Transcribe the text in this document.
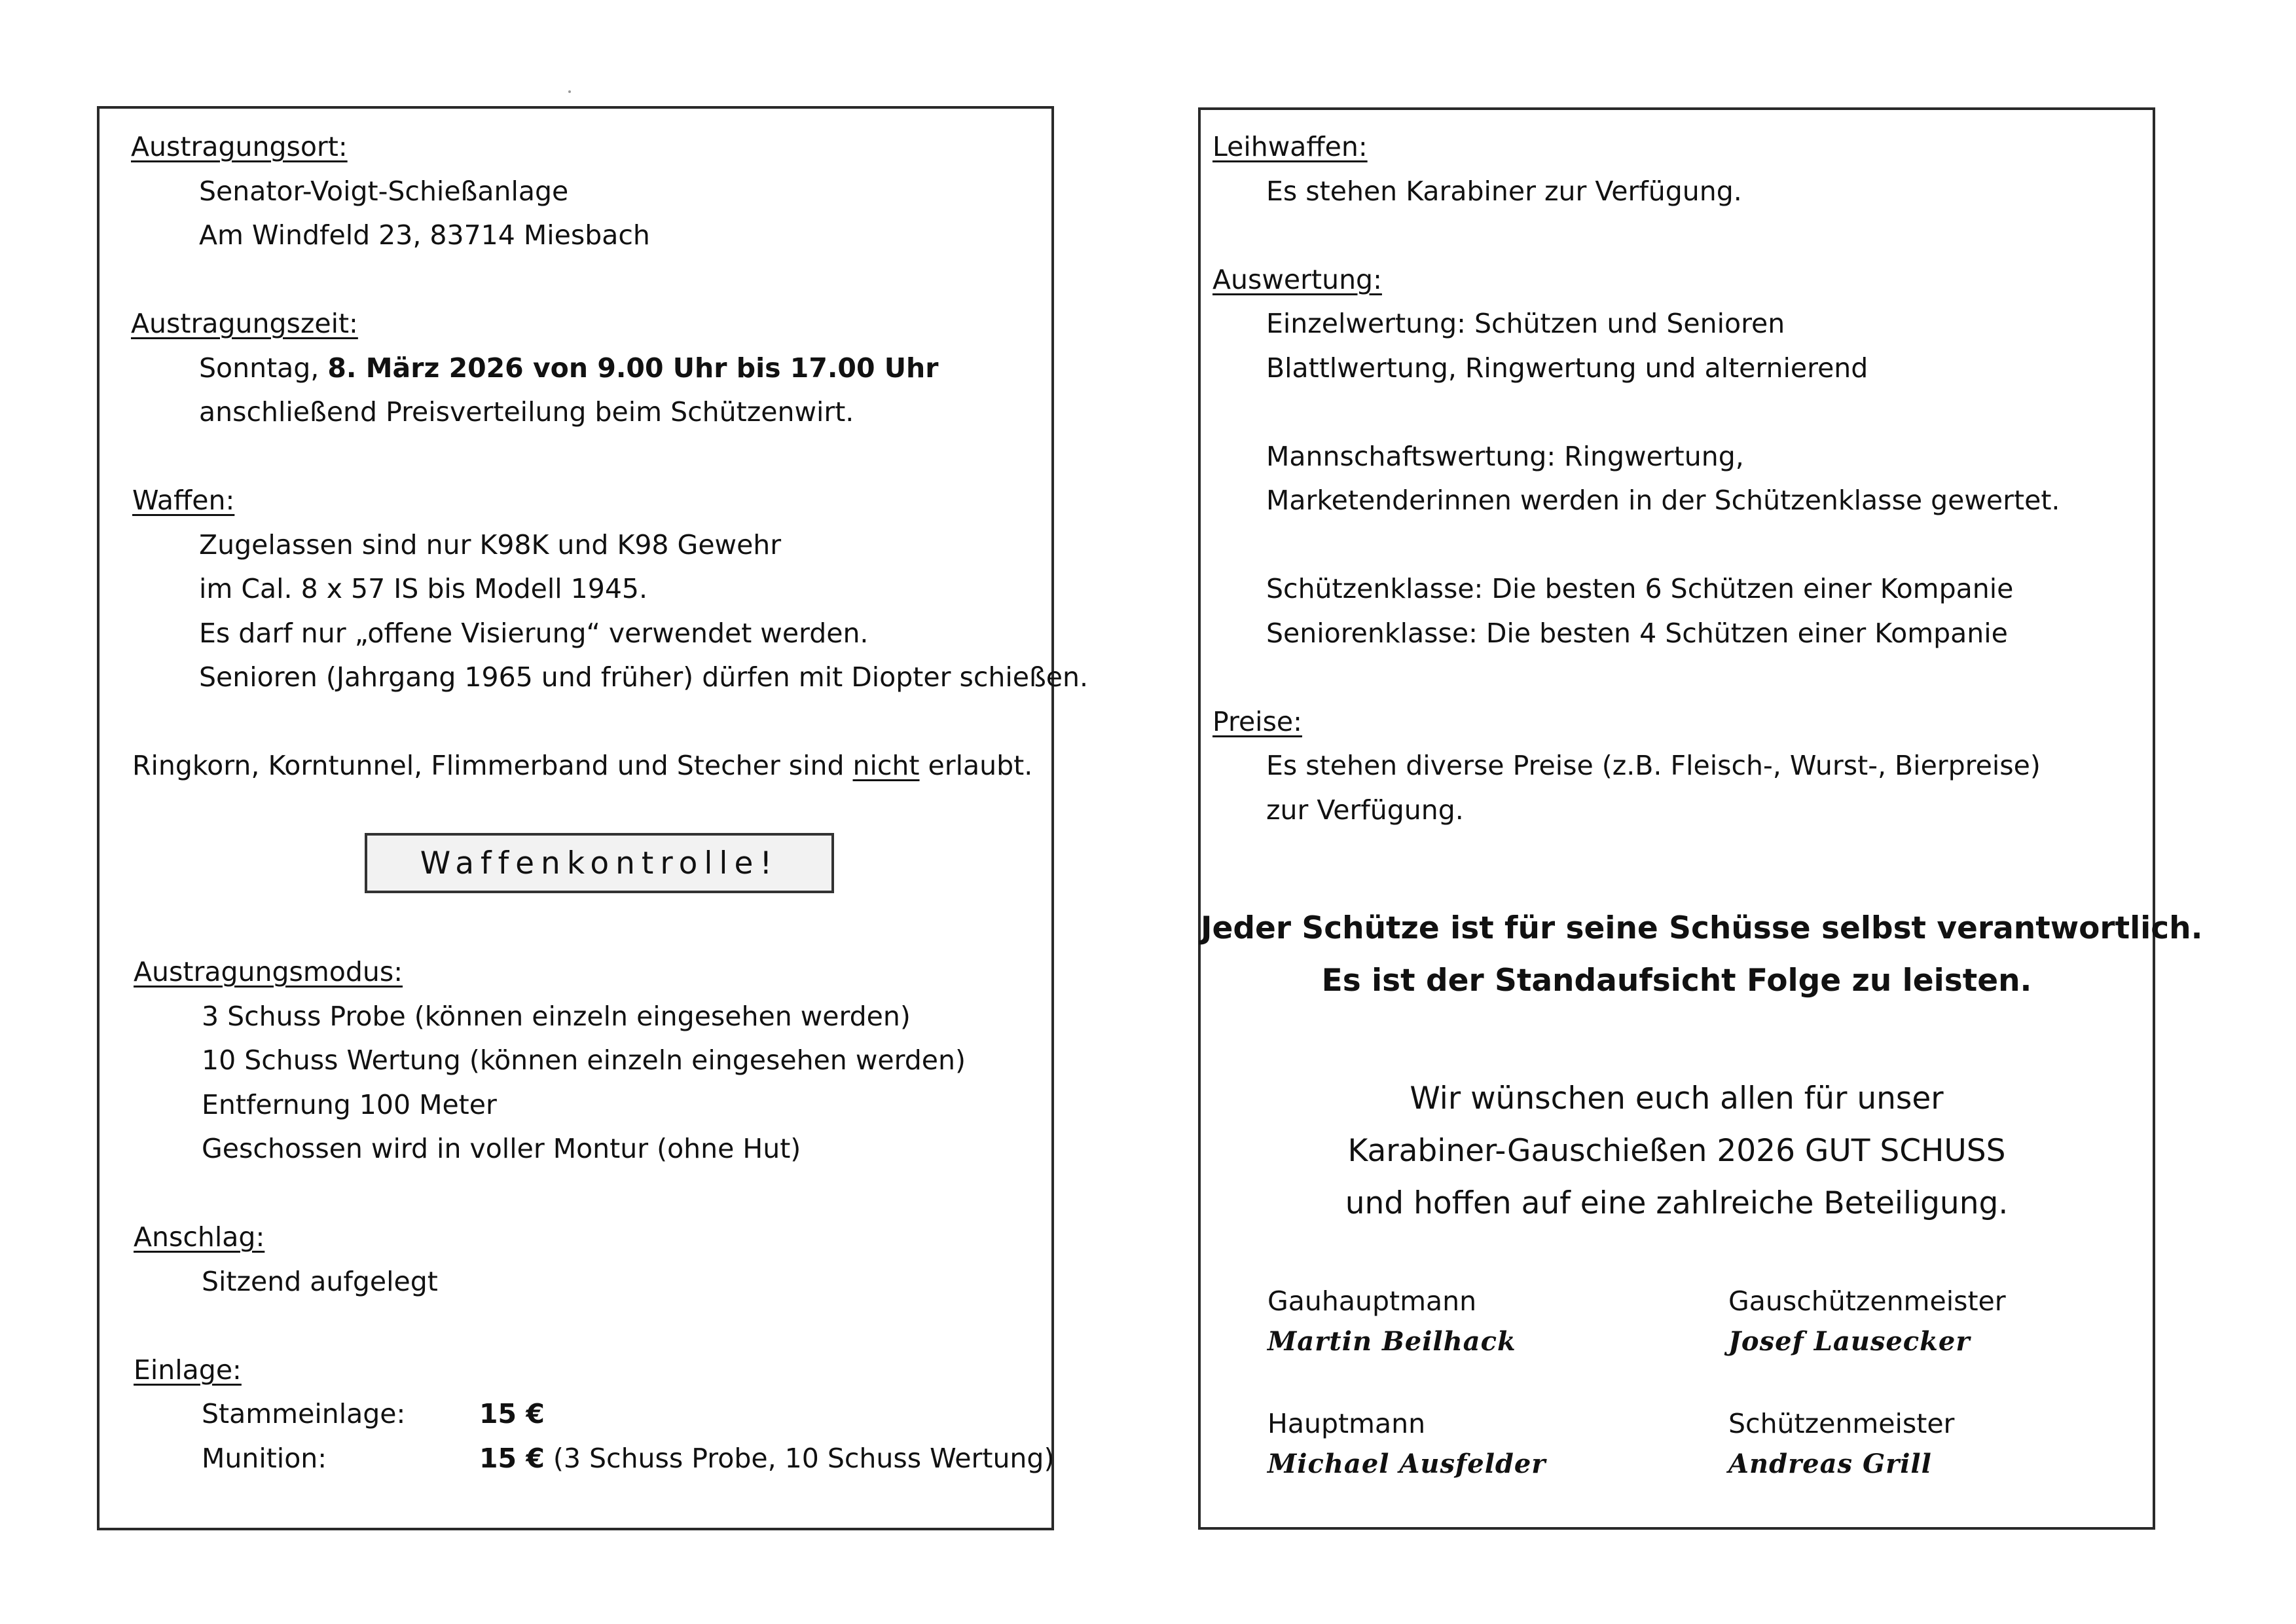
Austragungsort:
Senator-Voigt-Schießanlage
Am Windfeld 23, 83714 Miesbach
Austragungszeit:
Sonntag, 8. März 2026 von 9.00 Uhr bis 17.00 Uhr
anschließend Preisverteilung beim Schützenwirt.
Waffen:
Zugelassen sind nur K98K und K98 Gewehr
im Cal. 8 x 57 IS bis Modell 1945.
Es darf nur „offene Visierung“ verwendet werden.
Senioren (Jahrgang 1965 und früher) dürfen mit Diopter schießen.
Ringkorn, Korntunnel, Flimmerband und Stecher sind nicht erlaubt.
Waffenkontrolle!
Austragungsmodus:
3 Schuss Probe (können einzeln eingesehen werden)
10 Schuss Wertung (können einzeln eingesehen werden)
Entfernung 100 Meter
Geschossen wird in voller Montur (ohne Hut)
Anschlag:
Sitzend aufgelegt
Einlage:
Stammeinlage:	15 €
Munition:	15 € (3 Schuss Probe, 10 Schuss Wertung)
Leihwaffen:
Es stehen Karabiner zur Verfügung.
Auswertung:
Einzelwertung: Schützen und Senioren
Blattlwertung, Ringwertung und alternierend
Mannschaftswertung: Ringwertung,
Marketenderinnen werden in der Schützenklasse gewertet.
Schützenklasse: Die besten 6 Schützen einer Kompanie
Seniorenklasse: Die besten 4 Schützen einer Kompanie
Preise:
Es stehen diverse Preise (z.B. Fleisch-, Wurst-, Bierpreise)
zur Verfügung.
Jeder Schütze ist für seine Schüsse selbst verantwortlich.
Es ist der Standaufsicht Folge zu leisten.
Wir wünschen euch allen für unser
Karabiner-Gauschießen 2026 GUT SCHUSS
und hoffen auf eine zahlreiche Beteiligung.
Gauhauptmann
Martin Beilhack
Gauschützenmeister
Josef Lausecker
Hauptmann
Michael Ausfelder
Schützenmeister
Andreas Grill
